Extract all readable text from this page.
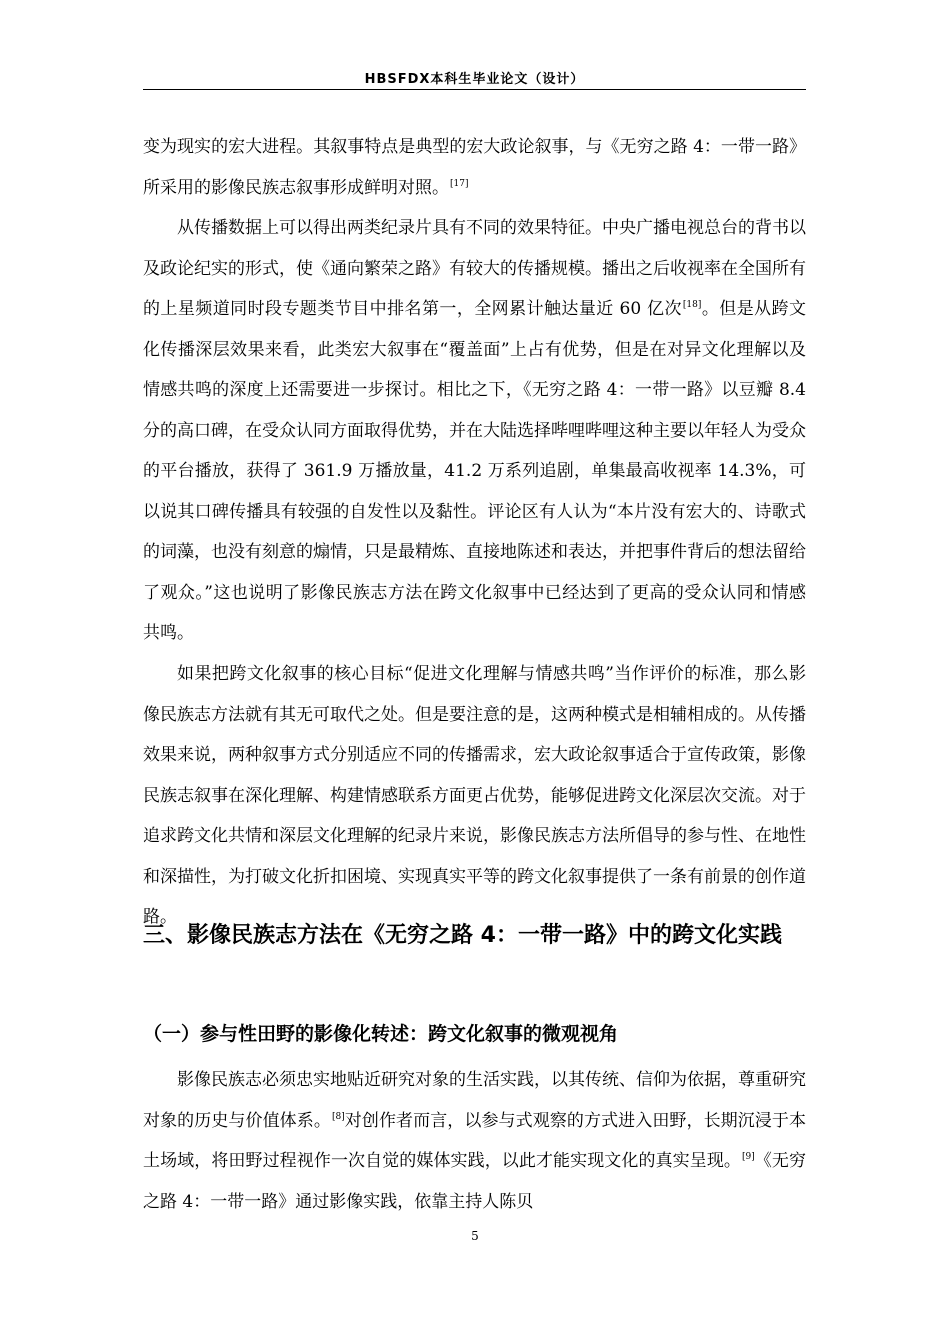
HBSFDX本科生毕业论文（设计）

变为现实的宏大进程。其叙事特点是典型的宏大政论叙事，与《无穷之路 4：一带一路》所采用的影像民族志叙事形成鲜明对照。[17]

从传播数据上可以得出两类纪录片具有不同的效果特征。中央广播电视总台的背书以及政论纪实的形式，使《通向繁荣之路》有较大的传播规模。播出之后收视率在全国所有的上星频道同时段专题类节目中排名第一，全网累计触达量近 60 亿次[18]。但是从跨文化传播深层效果来看，此类宏大叙事在“覆盖面”上占有优势，但是在对异文化理解以及情感共鸣的深度上还需要进一步探讨。相比之下，《无穷之路 4：一带一路》以豆瓣 8.4 分的高口碑，在受众认同方面取得优势，并在大陆选择哔哩哔哩这种主要以年轻人为受众的平台播放，获得了 361.9 万播放量，41.2 万系列追剧，单集最高收视率 14.3%，可以说其口碑传播具有较强的自发性以及黏性。评论区有人认为“本片没有宏大的、诗歌式的词藻，也没有刻意的煽情，只是最精炼、直接地陈述和表达，并把事件背后的想法留给了观众。”这也说明了影像民族志方法在跨文化叙事中已经达到了更高的受众认同和情感共鸣。

如果把跨文化叙事的核心目标“促进文化理解与情感共鸣”当作评价的标准，那么影像民族志方法就有其无可取代之处。但是要注意的是，这两种模式是相辅相成的。从传播效果来说，两种叙事方式分别适应不同的传播需求，宏大政论叙事适合于宣传政策，影像民族志叙事在深化理解、构建情感联系方面更占优势，能够促进跨文化深层次交流。对于追求跨文化共情和深层文化理解的纪录片来说，影像民族志方法所倡导的参与性、在地性和深描性，为打破文化折扣困境、实现真实平等的跨文化叙事提供了一条有前景的创作道路。

三、影像民族志方法在《无穷之路 4：一带一路》中的跨文化实践
（一）参与性田野的影像化转述：跨文化叙事的微观视角

影像民族志必须忠实地贴近研究对象的生活实践，以其传统、信仰为依据，尊重研究对象的历史与价值体系。[8]对创作者而言，以参与式观察的方式进入田野，长期沉浸于本土场域，将田野过程视作一次自觉的媒体实践，以此才能实现文化的真实呈现。[9]《无穷之路 4：一带一路》通过影像实践，依靠主持人陈贝

5
